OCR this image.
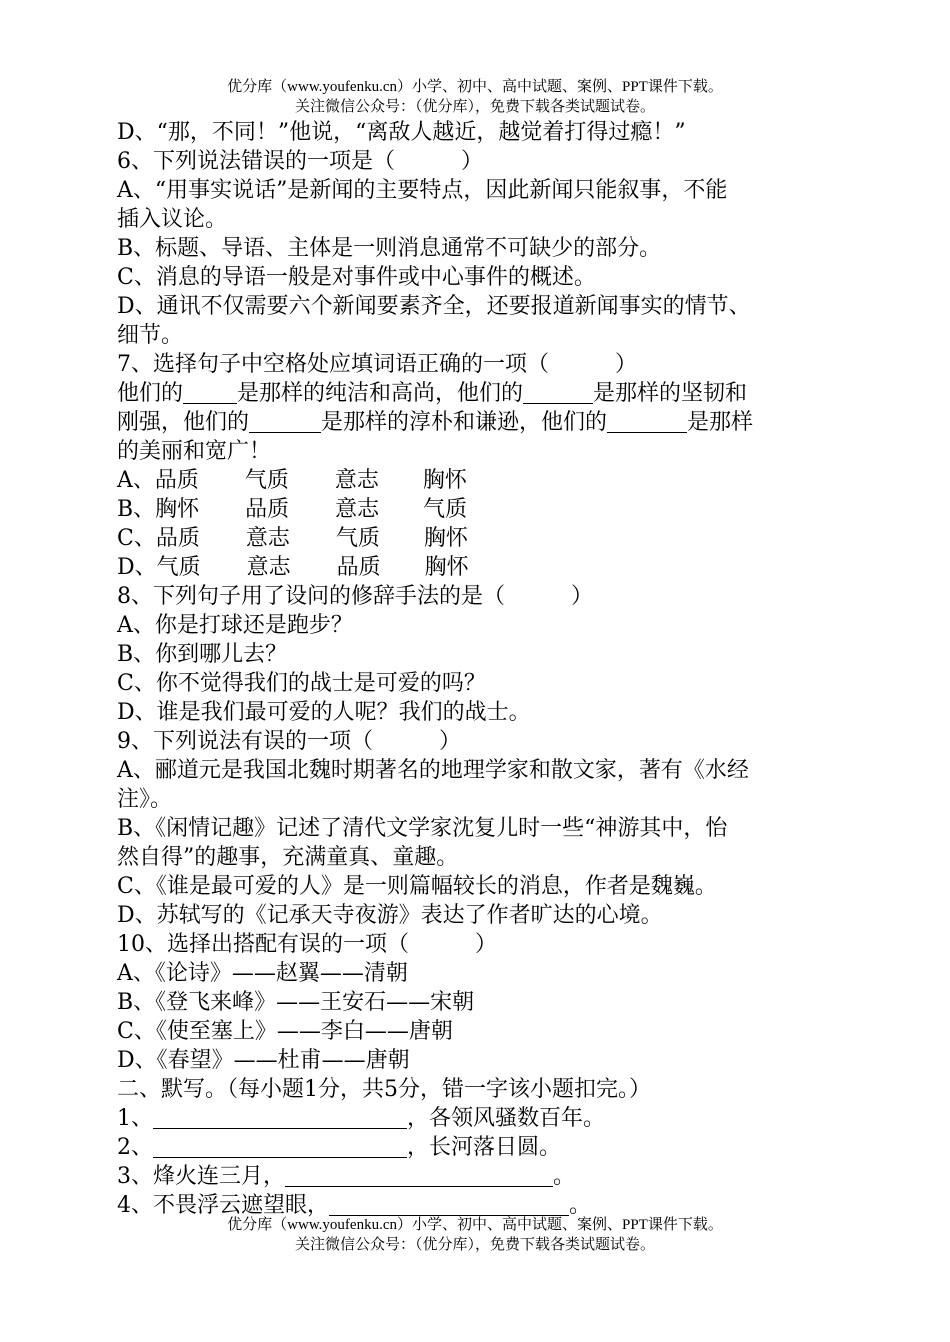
优分库（www.youfenku.cn）小学、初中、高中试题、案例、PPT课件下载。
关注微信公众号：（优分库），免费下载各类试题试卷。
D、“那，不同！”他说，“离敌人越近，越觉着打得过瘾！”
6、下列说法错误的一项是（　　　）
A、“用事实说话”是新闻的主要特点，因此新闻只能叙事，不能
插入议论。
B、标题、导语、主体是一则消息通常不可缺少的部分。
C、消息的导语一般是对事件或中心事件的概述。
D、通讯不仅需要六个新闻要素齐全，还要报道新闻事实的情节、
细节。
7、选择句子中空格处应填词语正确的一项（　　　）
他们的 是那样的纯洁和高尚，他们的	是那样的坚韧和
刚强，他们的	是那样的淳朴和谦逊，他们的	是那样
的美丽和宽广！
A、品质 气质 意志 胸怀
B、胸怀 品质 意志 气质
C、品质 意志 气质 胸怀
D、气质 意志 品质 胸怀
8、下列句子用了设问的修辞手法的是（　　　）
A、你是打球还是跑步？
B、你到哪儿去？
C、你不觉得我们的战士是可爱的吗？
D、谁是我们最可爱的人呢？我们的战士。
9、下列说法有误的一项（　　　）
A、郦道元是我国北魏时期著名的地理学家和散文家，著有《水经
注》。
B、《闲情记趣》记述了清代文学家沈复儿时一些“神游其中，怡
然自得”的趣事，充满童真、童趣。
C、《谁是最可爱的人》是一则篇幅较长的消息，作者是魏巍。
D、苏轼写的《记承天寺夜游》表达了作者旷达的心境。
10、选择出搭配有误的一项（　　　）
A、《论诗》——赵翼——清朝
B、《登飞来峰》——王安石——宋朝
C、《使至塞上》——李白——唐朝
D、《春望》——杜甫——唐朝
二、默写。（每小题1分，共5分，错一字该小题扣完。）
1、	，各领风骚数百年。
2、	，长河落日圆。
3、烽火连三月，	。
4、不畏浮云遮望眼，	。
优分库（www.youfenku.cn）小学、初中、高中试题、案例、PPT课件下载。
关注微信公众号：（优分库），免费下载各类试题试卷。
